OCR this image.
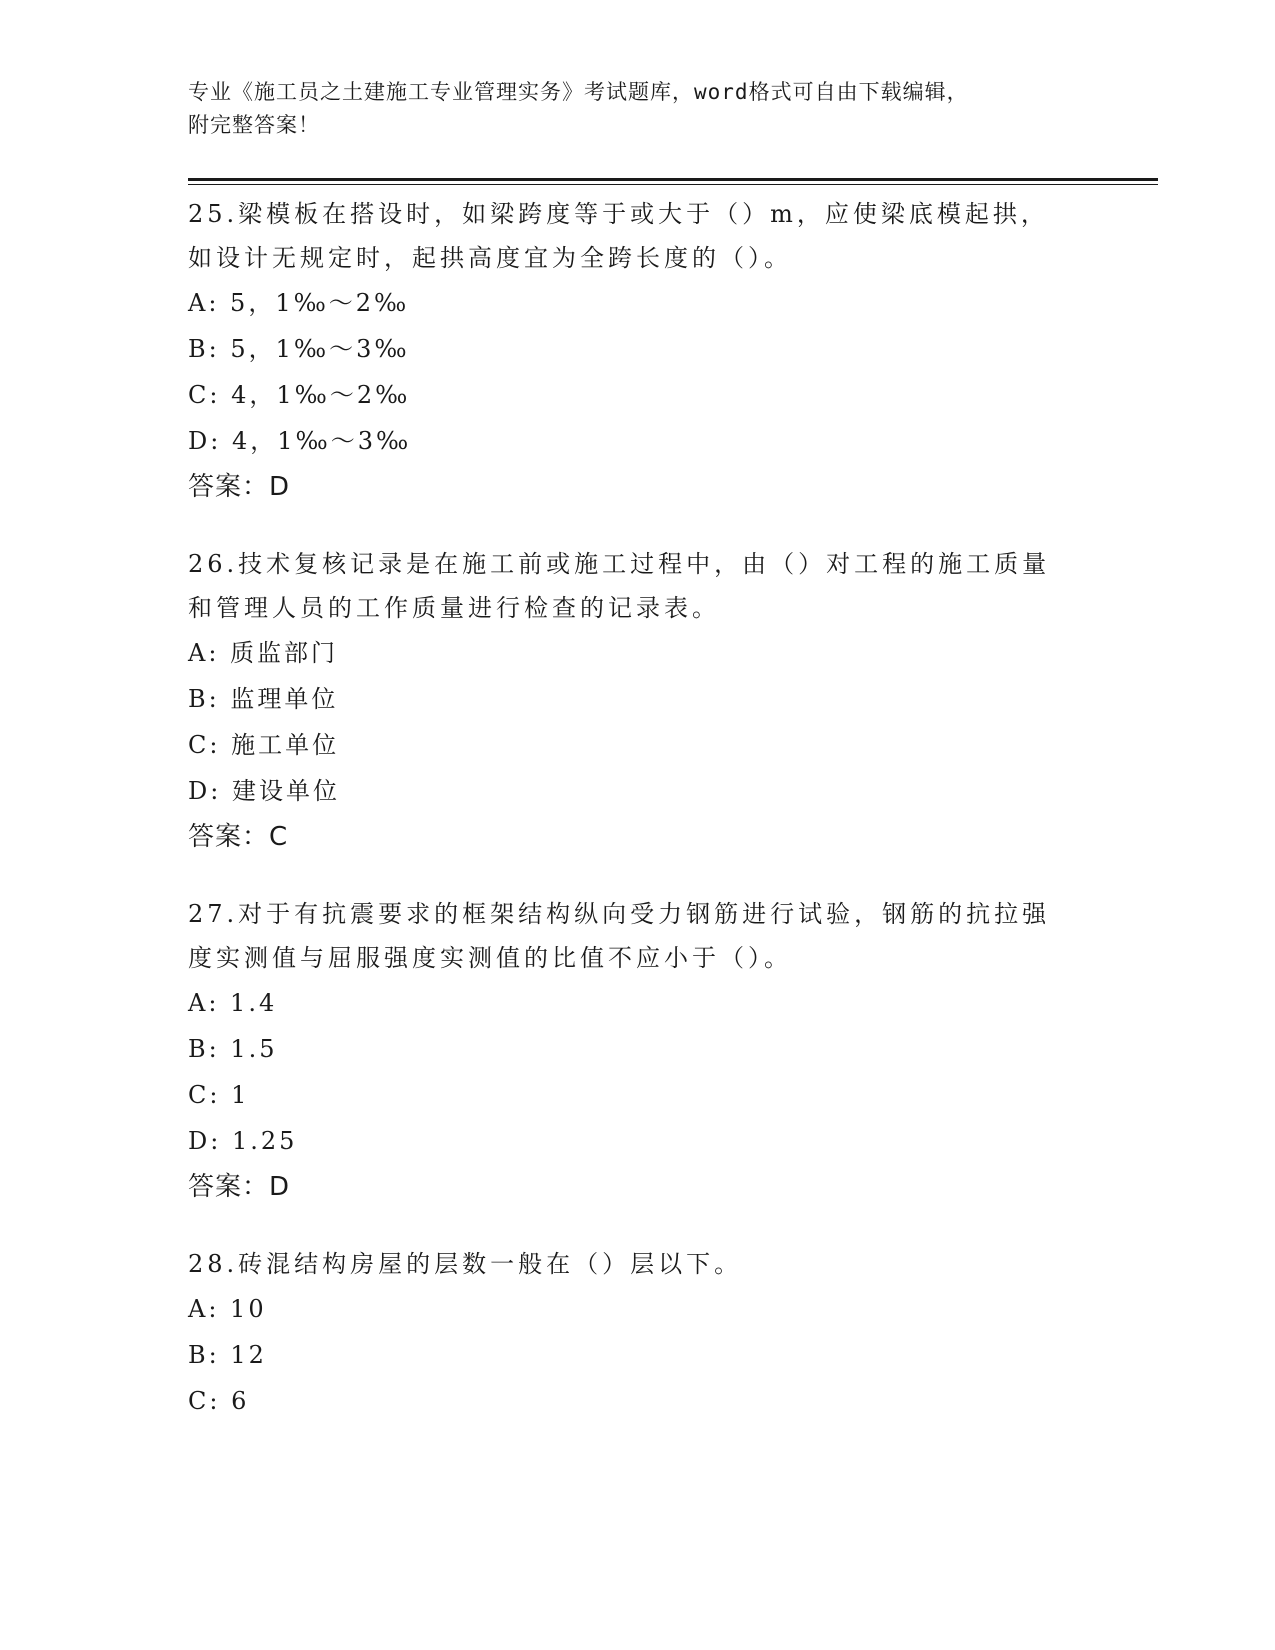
专业《施工员之土建施工专业管理实务》考试题库，word格式可自由下载编辑，
附完整答案！

25.梁模板在搭设时，如梁跨度等于或大于（）m，应使梁底模起拱，

如设计无规定时，起拱高度宜为全跨长度的（）。

A: 5，1‰～2‰

B: 5，1‰～3‰

C: 4，1‰～2‰

D: 4，1‰～3‰

答案：D

26.技术复核记录是在施工前或施工过程中，由（）对工程的施工质量

和管理人员的工作质量进行检查的记录表。

A: 质监部门

B: 监理单位

C: 施工单位

D: 建设单位

答案：C

27.对于有抗震要求的框架结构纵向受力钢筋进行试验，钢筋的抗拉强

度实测值与屈服强度实测值的比值不应小于（）。

A: 1.4

B: 1.5

C: 1

D: 1.25

答案：D

28.砖混结构房屋的层数一般在（）层以下。

A: 10

B: 12

C: 6
